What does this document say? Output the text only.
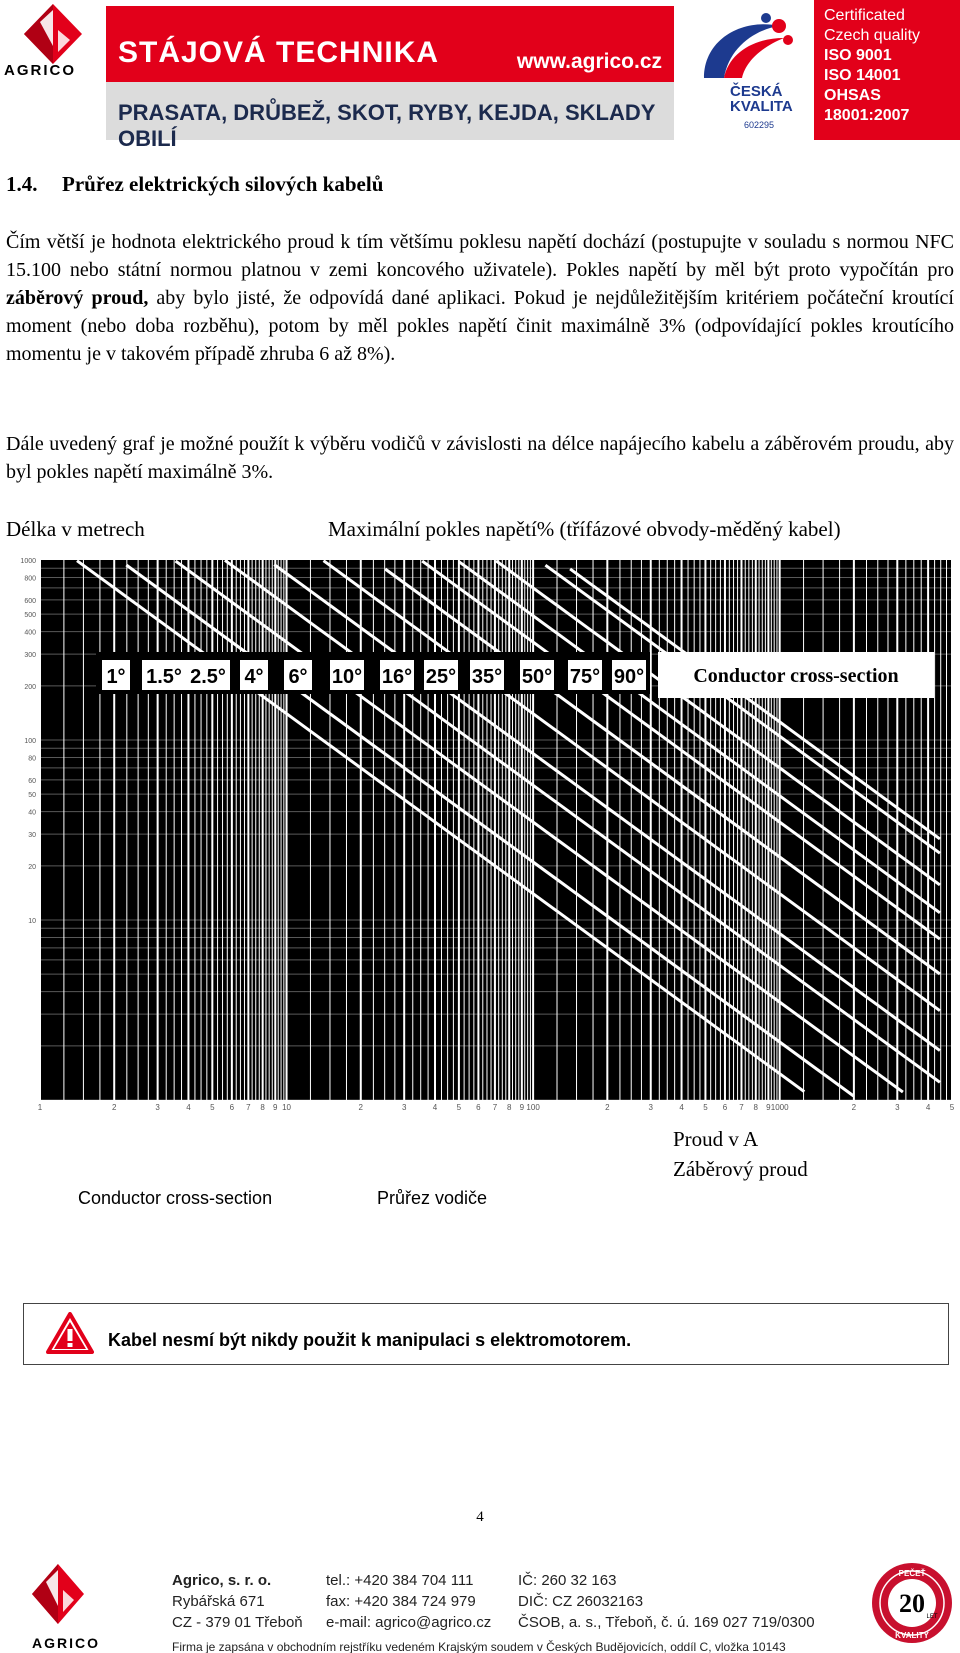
AGRICO
STÁJOVÁ TECHNIKA	www.agrico.cz
PRASATA, DRŮBEŽ, SKOT, RYBY, KEJDA, SKLADY OBILÍ
ČESKÁ
KVALITA
602295
Certificated
Czech quality
ISO 9001
ISO 14001
OHSAS
18001:2007
1.4. Průřez elektrických silových kabelů

Čím větší je hodnota elektrického proud k tím většímu poklesu napětí dochází (postupujte v souladu s normou NFC 15.100 nebo státní normou platnou v zemi koncového uživatele). Pokles napětí by měl být proto vypočítán pro záběrový proud, aby bylo jisté, že odpovídá dané aplikaci. Pokud je nejdůležitějším kritériem počáteční kroutící moment (nebo doba rozběhu), potom by měl pokles napětí činit maximálně 3% (odpovídající pokles kroutícího momentu je v takovém případě zhruba 6 až 8%).

Dále uvedený graf je možné použít k výběru vodičů v závislosti na délce napájecího kabelu a záběrovém proudu, aby byl pokles napětí maximálně 3%.

Délka v metrech	Maximální pokles napětí% (třífázové obvody-měděný kabel)
1000
800
600
500
400
300
200
100
80
60
50
40
30
20
10
1	2	3	4 5 6 7 8 9 10	2	3	4 5 6 7 8 9 100	2	3	4 5 6 7 8 9 1000	2	3	4 5
1° 1.5° 2.5° 4° 6° 10° 16° 25° 35° 50° 75° 90° Conductor cross-section
Conductor cross-section	Průřez vodiče
Proud v A
Záběrový proud
Kabel nesmí být nikdy použit k manipulaci s elektromotorem.
4
AGRICO
Agrico, s. r. o.
Rybářská 671
CZ - 379 01 Třeboň
tel.: +420 384 704 111
fax: +420 384 724 979
e-mail: agrico@agrico.cz
IČ: 260 32 163
DIČ: CZ 26032163
ČSOB, a. s., Třeboň, č. ú. 169 027 719/0300
Firma je zapsána v obchodním rejstříku vedeném Krajským soudem v Českých Budějovicích, oddíl C, vložka 10143
20 LET
PEČEŤ
KVALITY
